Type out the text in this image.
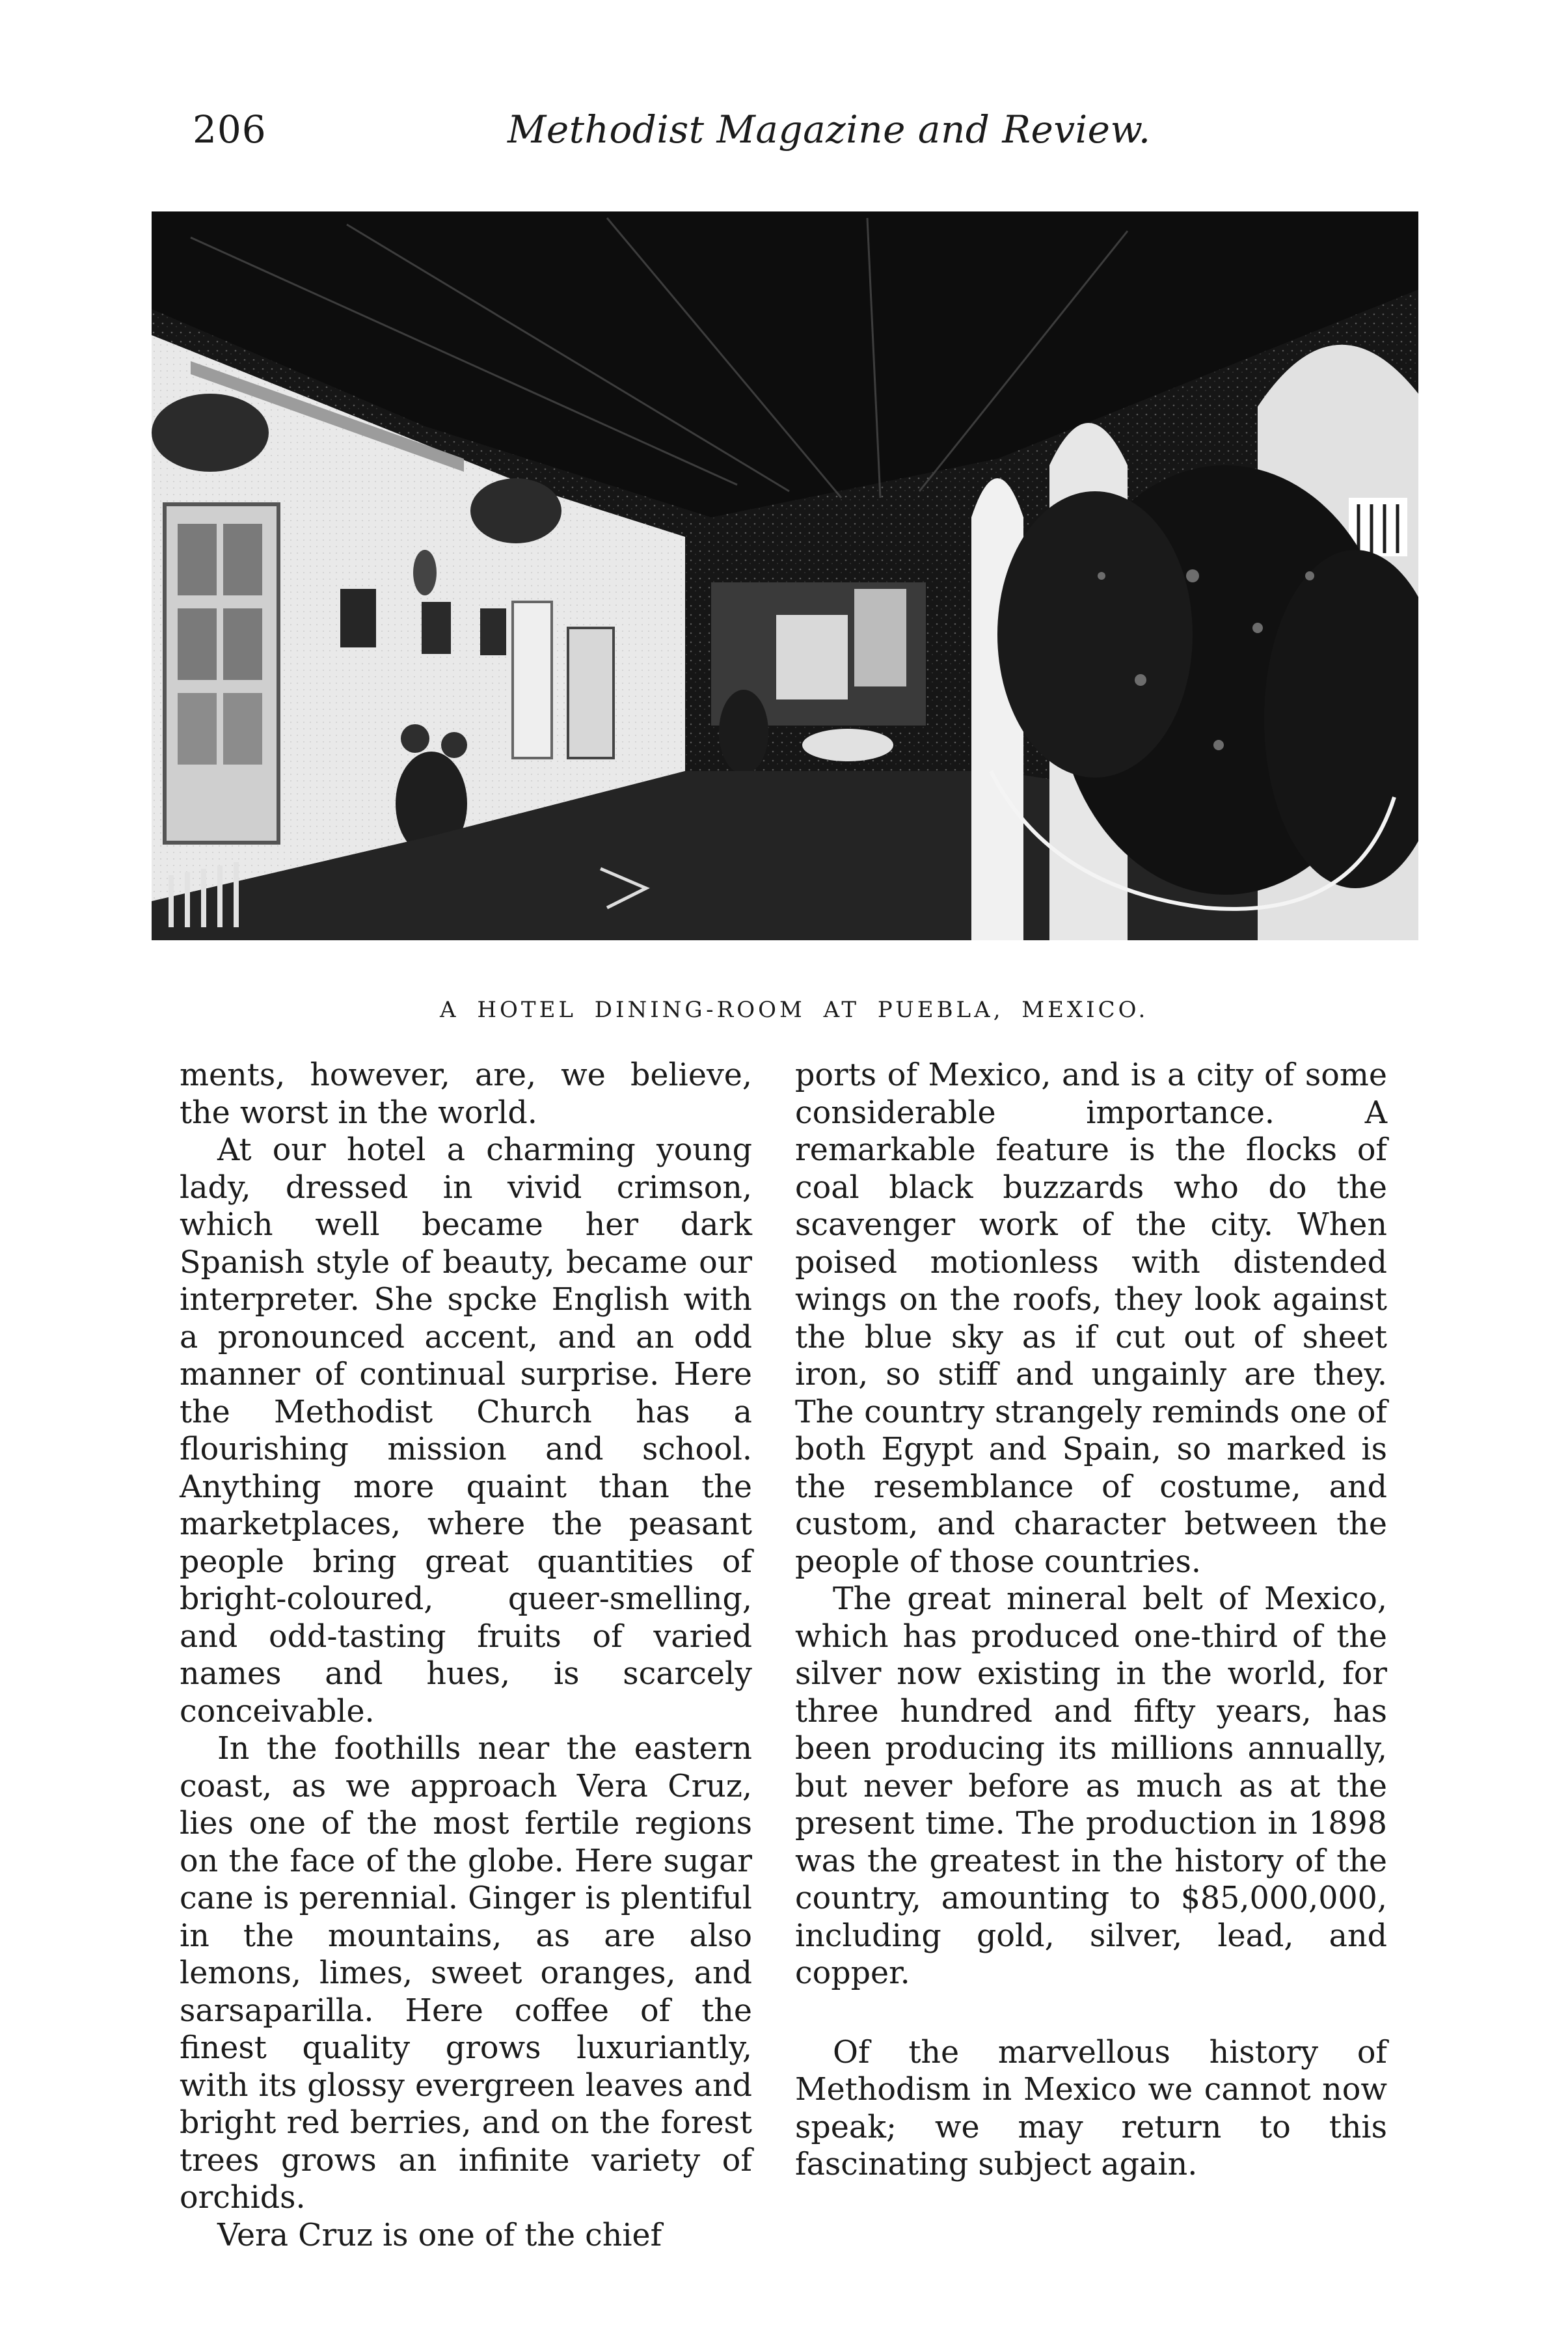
206	Methodist Magazine and Review.
A HOTEL DINING-ROOM AT PUEBLA, MEXICO.

ments, however, are, we believe, the worst in the world.

At our hotel a charming young lady, dressed in vivid crimson, which well became her dark Spanish style of beauty, became our interpreter. She spcke English with a pronounced accent, and an odd manner of continual surprise. Here the Methodist Church has a flourishing mission and school. Anything more quaint than the marketplaces, where the peasant people bring great quantities of bright-coloured, queer-smelling, and odd-tasting fruits of varied names and hues, is scarcely conceivable.

In the foothills near the eastern coast, as we approach Vera Cruz, lies one of the most fertile regions on the face of the globe. Here sugar cane is perennial. Ginger is plentiful in the mountains, as are also lemons, limes, sweet oranges, and sarsaparilla. Here coffee of the finest quality grows luxuriantly, with its glossy evergreen leaves and bright red berries, and on the forest trees grows an infinite variety of orchids.

Vera Cruz is one of the chief

ports of Mexico, and is a city of some considerable importance. A remarkable feature is the flocks of coal black buzzards who do the scavenger work of the city. When poised motionless with distended wings on the roofs, they look against the blue sky as if cut out of sheet iron, so stiff and ungainly are they. The country strangely reminds one of both Egypt and Spain, so marked is the resemblance of costume, and custom, and character between the people of those countries.

The great mineral belt of Mexico, which has produced one-third of the silver now existing in the world, for three hundred and fifty years, has been producing its millions annually, but never before as much as at the present time. The production in 1898 was the greatest in the history of the country, amounting to $85,000,000, including gold, silver, lead, and copper.

Of the marvellous history of Methodism in Mexico we cannot now speak; we may return to this fascinating subject again.
